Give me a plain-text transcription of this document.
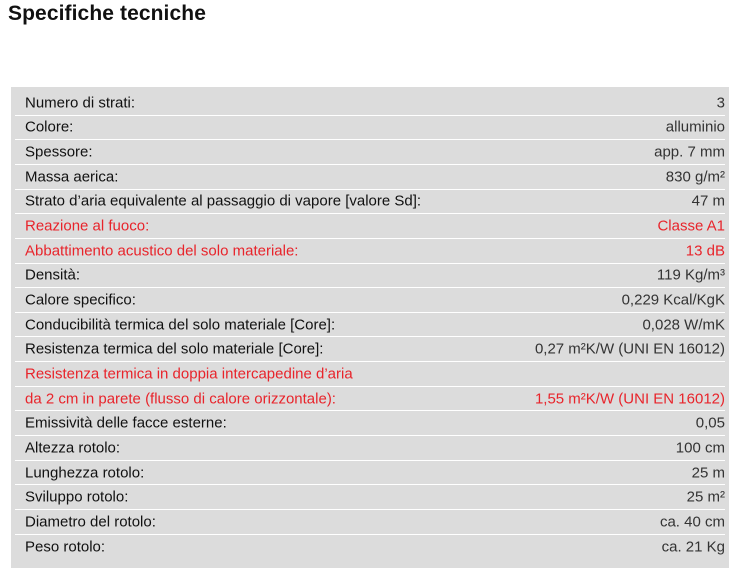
Specifiche tecniche
Numero di strati:	3
Colore:	alluminio
Spessore:	app. 7 mm
Massa aerica:	830 g/m²
Strato d’aria equivalente al passaggio di vapore [valore Sd]:	47 m
Reazione al fuoco:	Classe A1
Abbattimento acustico del solo materiale:	13 dB
Densità:	119 Kg/m³
Calore specifico:	0,229 Kcal/KgK
Conducibilità termica del solo materiale [Core]:	0,028 W/mK
Resistenza termica del solo materiale [Core]:	0,27 m²K/W (UNI EN 16012)
Resistenza termica in doppia intercapedine d’aria
da 2 cm in parete (flusso di calore orizzontale):	1,55 m²K/W (UNI EN 16012)
Emissività delle facce esterne:	0,05
Altezza rotolo:	100 cm
Lunghezza rotolo:	25 m
Sviluppo rotolo:	25 m²
Diametro del rotolo:	ca. 40 cm
Peso rotolo:	ca. 21 Kg
